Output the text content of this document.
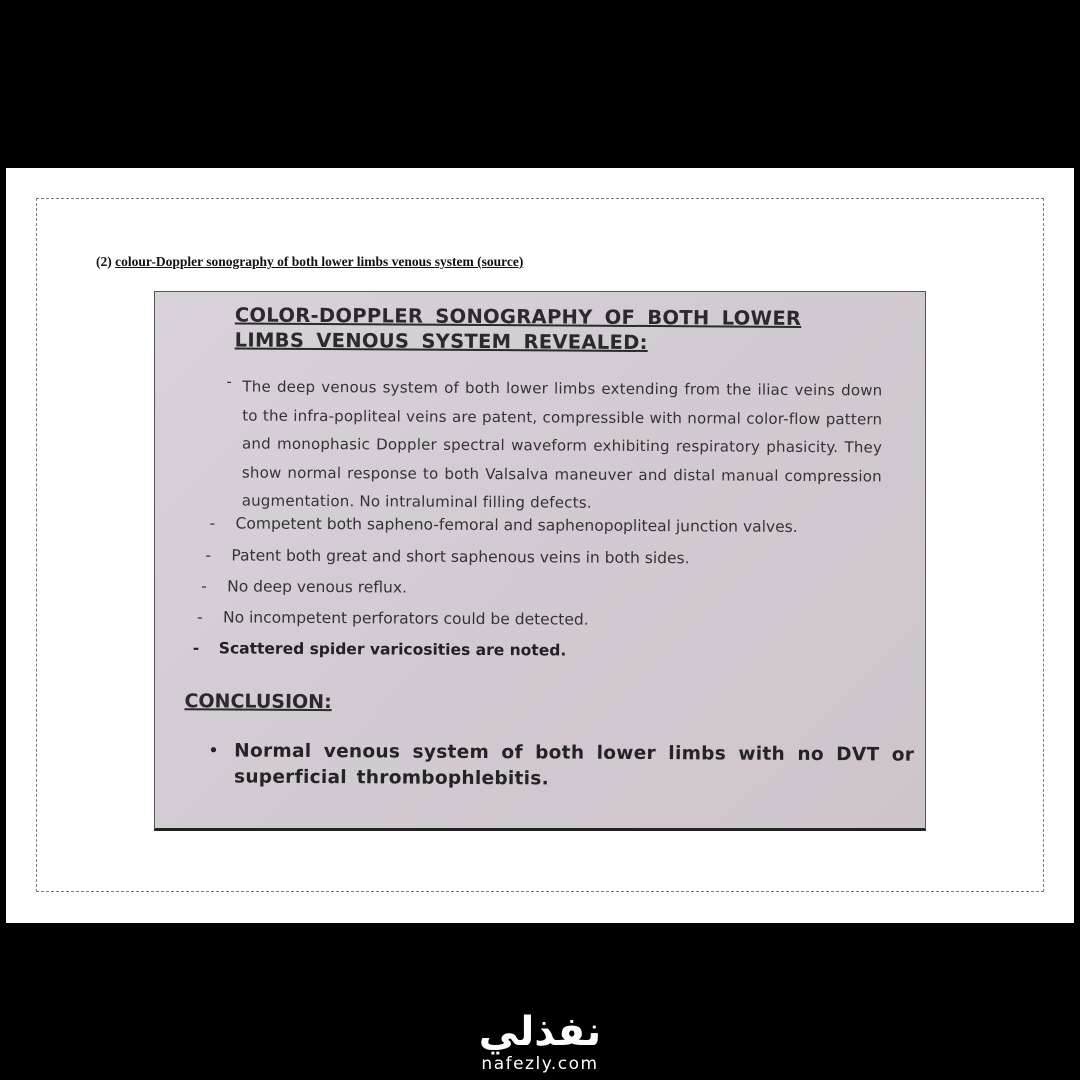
(2) colour-Doppler sonography of both lower limbs venous system (source)
COLOR-DOPPLER SONOGRAPHY OF BOTH LOWER LIMBS VENOUS SYSTEM REVEALED:
- The deep venous system of both lower limbs extending from the iliac veins down to the infra-popliteal veins are patent, compressible with normal color-flow pattern and monophasic Doppler spectral waveform exhibiting respiratory phasicity. They show normal response to both Valsalva maneuver and distal manual compression augmentation. No intraluminal filling defects.
- Competent both sapheno-femoral and saphenopopliteal junction valves.
- Patent both great and short saphenous veins in both sides.
- No deep venous reflux.
- No incompetent perforators could be detected.
- Scattered spider varicosities are noted.
CONCLUSION:
• Normal venous system of both lower limbs with no DVT or superficial thrombophlebitis.
نفذلي
nafezly.com
